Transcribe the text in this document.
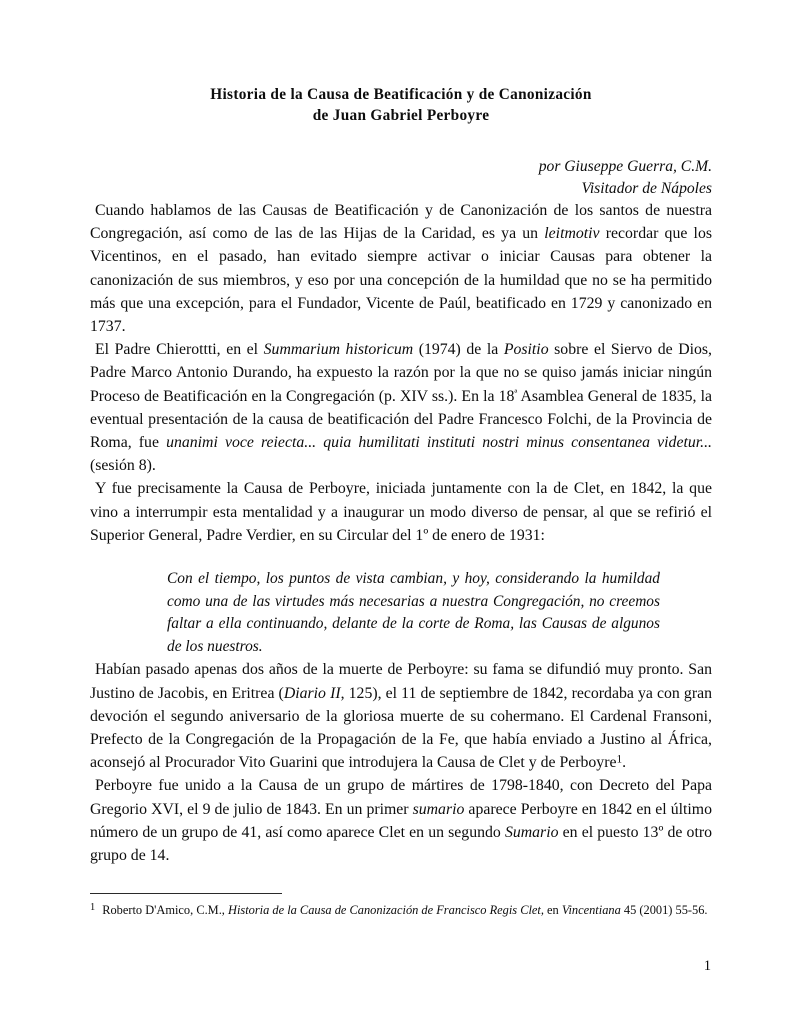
Historia de la Causa de Beatificación y de Canonización
de Juan Gabriel Perboyre
por Giuseppe Guerra, C.M.
Visitador de Nápoles

Cuando hablamos de las Causas de Beatificación y de Canonización de los santos de nuestra Congregación, así como de las de las Hijas de la Caridad, es ya un leitmotiv recordar que los Vicentinos, en el pasado, han evitado siempre activar o iniciar Causas para obtener la canonización de sus miembros, y eso por una concepción de la humildad que no se ha permitido más que una excepción, para el Fundador, Vicente de Paúl, beatificado en 1729 y canonizado en 1737.

El Padre Chierottti, en el Summarium historicum (1974) de la Positio sobre el Siervo de Dios, Padre Marco Antonio Durando, ha expuesto la razón por la que no se quiso jamás iniciar ningún Proceso de Beatificación en la Congregación (p. XIV ss.). En la $18^ª$ Asamblea General de 1835, la eventual presentación de la causa de beatificación del Padre Francesco Folchi, de la Provincia de Roma, fue unanimi voce reiecta... quia humilitati instituti nostri minus consentanea videtur... (sesión 8).

Y fue precisamente la Causa de Perboyre, iniciada juntamente con la de Clet, en 1842, la que vino a interrumpir esta mentalidad y a inaugurar un modo diverso de pensar, al que se refirió el Superior General, Padre Verdier, en su Circular del 1º de enero de 1931:

Con el tiempo, los puntos de vista cambian, y hoy, considerando la humildad como una de las virtudes más necesarias a nuestra Congregación, no creemos faltar a ella continuando, delante de la corte de Roma, las Causas de algunos de los nuestros.

Habían pasado apenas dos años de la muerte de Perboyre: su fama se difundió muy pronto. San Justino de Jacobis, en Eritrea (Diario II, 125), el 11 de septiembre de 1842, recordaba ya con gran devoción el segundo aniversario de la gloriosa muerte de su cohermano. El Cardenal Fransoni, Prefecto de la Congregación de la Propagación de la Fe, que había enviado a Justino al África, aconsejó al Procurador Vito Guarini que introdujera la Causa de Clet y de Perboyre$^1$.

Perboyre fue unido a la Causa de un grupo de mártires de 1798-1840, con Decreto del Papa Gregorio XVI, el 9 de julio de 1843. En un primer sumario aparece Perboyre en 1842 en el último número de un grupo de 41, así como aparece Clet en un segundo Sumario en el puesto 13º de otro grupo de 14.

$^1$ Roberto D'Amico, C.M., Historia de la Causa de Canonización de Francisco Regis Clet, en Vincentiana 45 (2001) 55-56.

1
